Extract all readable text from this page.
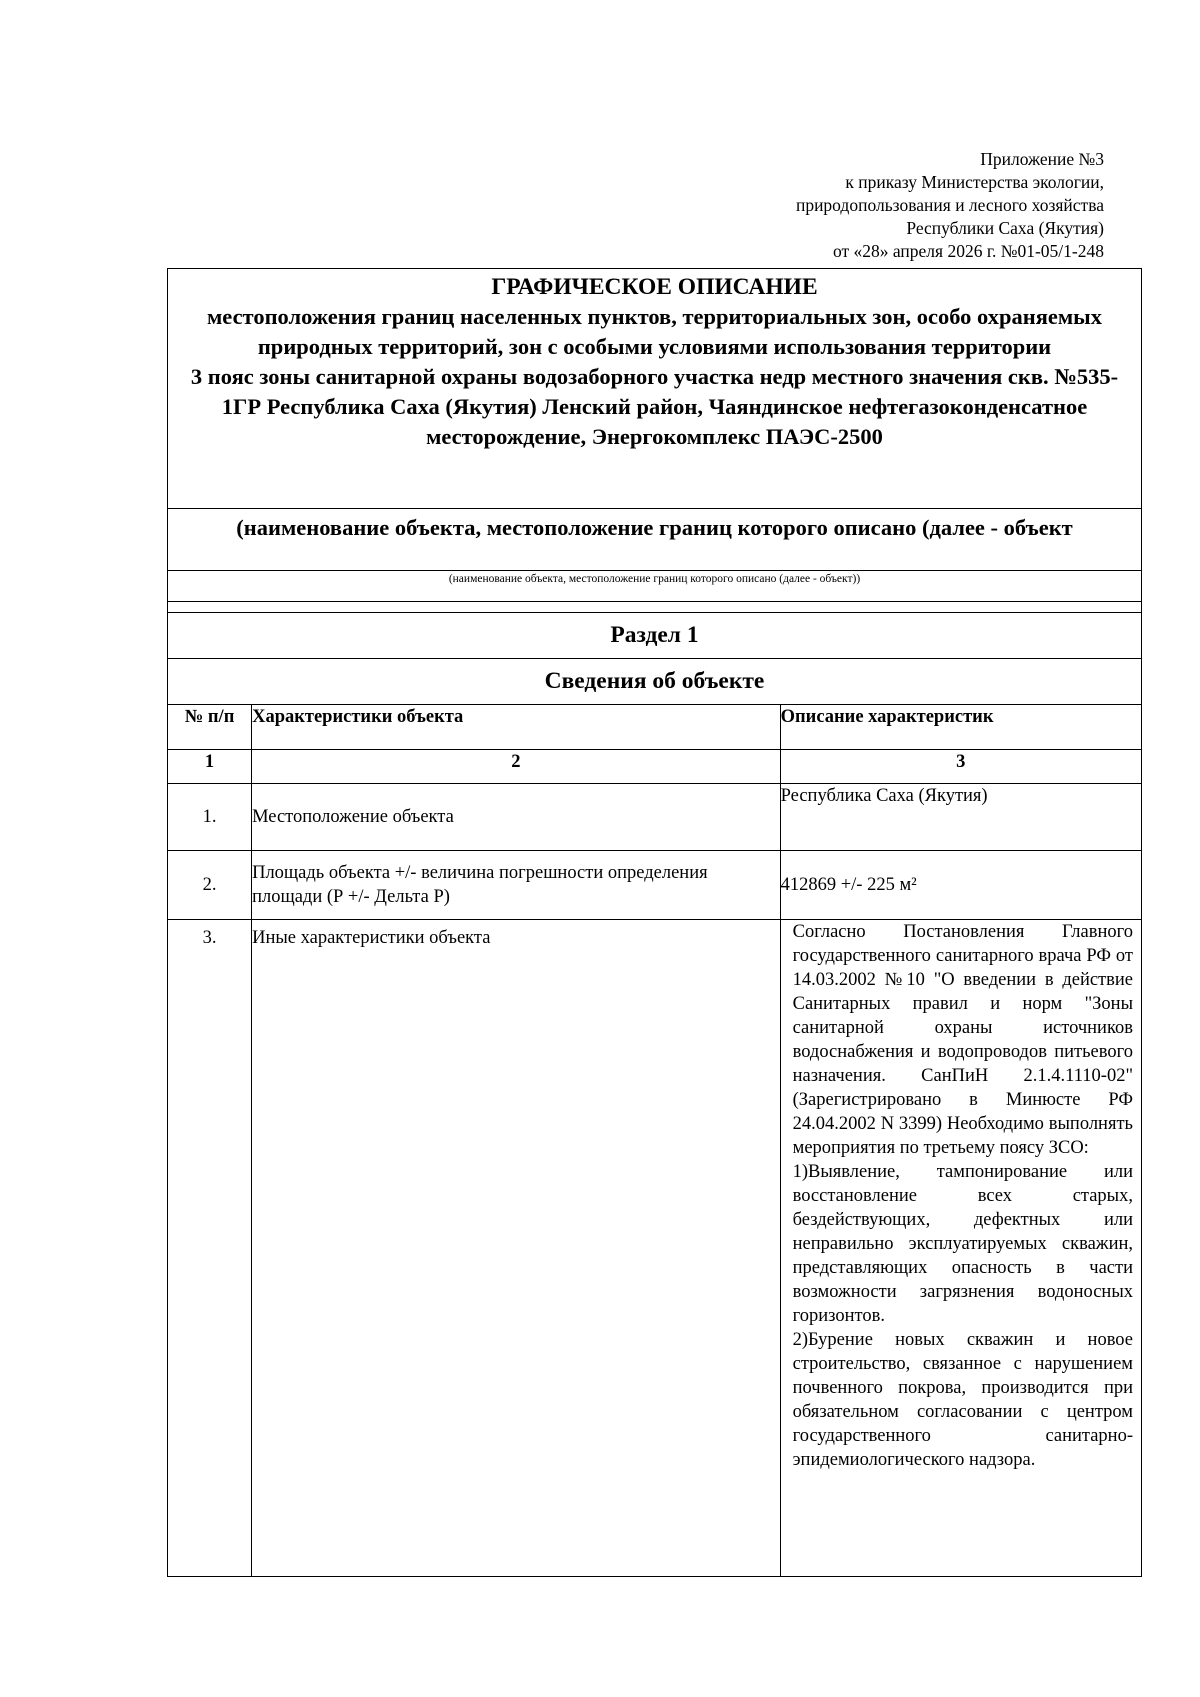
Приложение №3
к приказу Министерства экологии,
природопользования и лесного хозяйства
Республики Саха (Якутия)
от «28» апреля 2026 г. №01-05/1-248
ГРАФИЧЕСКОЕ ОПИСАНИЕ
местоположения границ населенных пунктов, территориальных зон, особо охраняемых природных территорий, зон с особыми условиями использования территории
3 пояс зоны санитарной охраны водозаборного участка недр местного значения скв. №535-1ГР Республика Саха (Якутия) Ленский район, Чаяндинское нефтегазоконденсатное месторождение, Энергокомплекс ПАЭС-2500
(наименование объекта, местоположение границ которого описано (далее - объект
(наименование объекта, местоположение границ которого описано (далее - объект))
Раздел 1
Сведения об объекте
№ п/п	Характеристики объекта	Описание характеристик
1	2	3
1.	Местоположение объекта	Республика Саха (Якутия)
2.	Площадь объекта +/- величина погрешности определения площади (Р +/- Дельта Р)	412869 +/- 225 м²
3.	Иные характеристики объекта	Согласно Постановления Главного государственного санитарного врача РФ от 14.03.2002 №10 "О введении в действие Санитарных правил и норм "Зоны санитарной охраны источников водоснабжения и водопроводов питьевого назначения. СанПиН 2.1.4.1110-02" (Зарегистрировано в Минюсте РФ 24.04.2002 N 3399) Необходимо выполнять мероприятия по третьему поясу ЗСО:
1)Выявление, тампонирование или восстановление всех старых, бездействующих, дефектных или неправильно эксплуатируемых скважин, представляющих опасность в части возможности загрязнения водоносных горизонтов.
2)Бурение новых скважин и новое строительство, связанное с нарушением почвенного покрова, производится при обязательном согласовании с центром государственного санитарно-эпидемиологического надзора.
